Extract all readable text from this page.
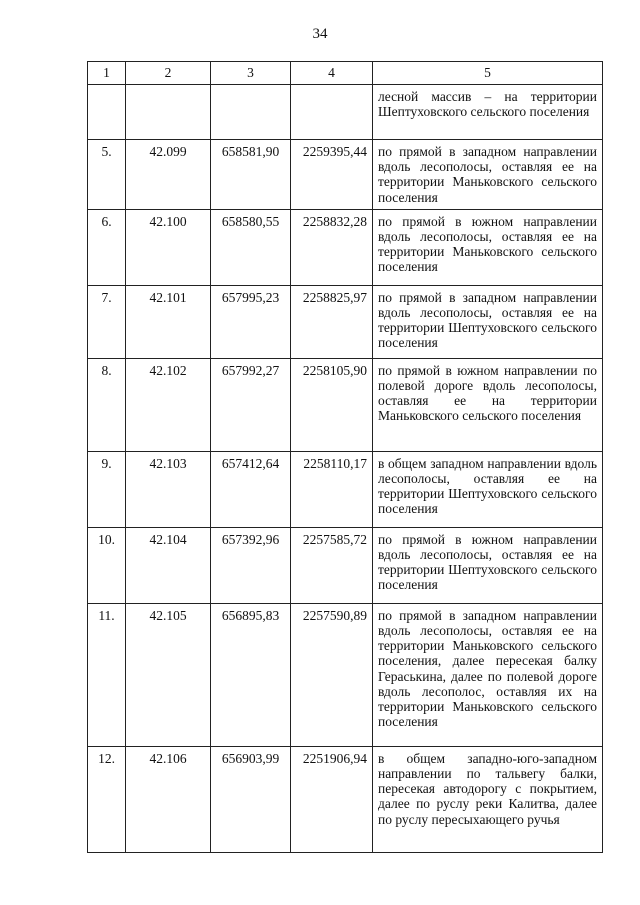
34
1	2	3	4	5
				лесной массив – на территории Шептуховского сельского поселения
5.	42.099	658581,90	2259395,44	по прямой в западном направлении вдоль лесополосы, оставляя ее на территории Маньковского сельского поселения
6.	42.100	658580,55	2258832,28	по прямой в южном направлении вдоль лесополосы, оставляя ее на территории Маньковского сельского поселения
7.	42.101	657995,23	2258825,97	по прямой в западном направлении вдоль лесополосы, оставляя ее на территории Шептуховского сельского поселения
8.	42.102	657992,27	2258105,90	по прямой в южном направлении по полевой дороге вдоль лесополосы, оставляя ее на территории Маньковского сельского поселения
9.	42.103	657412,64	2258110,17	в общем западном направлении вдоль лесополосы, оставляя ее на территории Шептуховского сельского поселения
10.	42.104	657392,96	2257585,72	по прямой в южном направлении вдоль лесополосы, оставляя ее на территории Шептуховского сельского поселения
11.	42.105	656895,83	2257590,89	по прямой в западном направлении вдоль лесополосы, оставляя ее на территории Маньковского сельского поселения, далее пересекая балку Гераськина, далее по полевой дороге вдоль лесополос, оставляя их на территории Маньковского сельского поселения
12.	42.106	656903,99	2251906,94	в общем западно-юго-западном направлении по тальвегу балки, пересекая автодорогу с покрытием, далее по руслу реки Калитва, далее по руслу пересыхающего ручья
